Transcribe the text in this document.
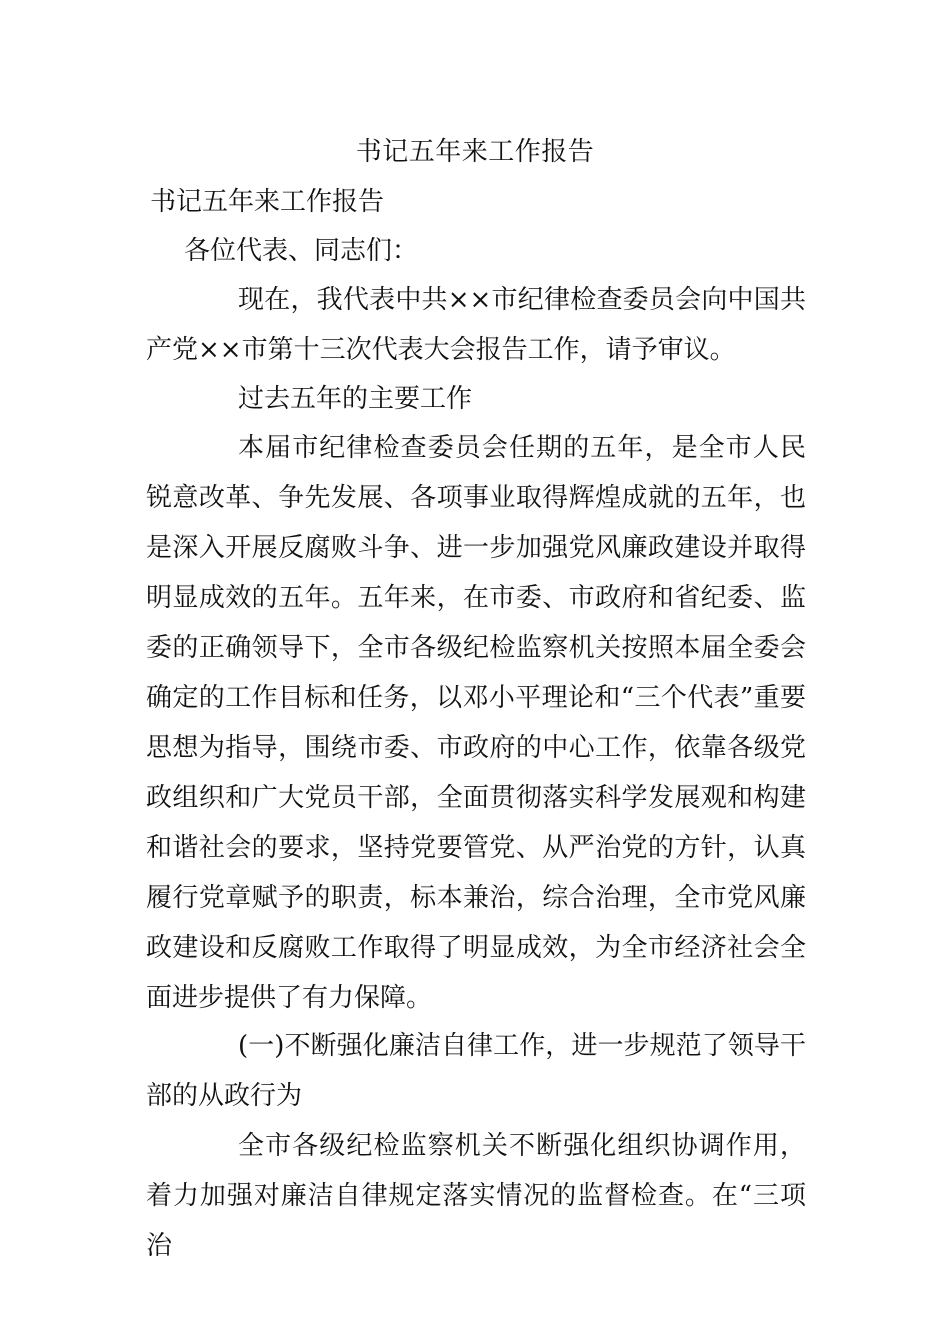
书记五年来工作报告
书记五年来工作报告
各位代表、同志们：
现在，我代表中共××市纪律检查委员会向中国共产党××市第十三次代表大会报告工作，请予审议。
过去五年的主要工作
本届市纪律检查委员会任期的五年，是全市人民锐意改革、争先发展、各项事业取得辉煌成就的五年，也是深入开展反腐败斗争、进一步加强党风廉政建设并取得明显成效的五年。五年来，在市委、市政府和省纪委、监委的正确领导下，全市各级纪检监察机关按照本届全委会确定的工作目标和任务，以邓小平理论和“三个代表”重要思想为指导，围绕市委、市政府的中心工作，依靠各级党政组织和广大党员干部，全面贯彻落实科学发展观和构建和谐社会的要求，坚持党要管党、从严治党的方针，认真履行党章赋予的职责，标本兼治，综合治理，全市党风廉政建设和反腐败工作取得了明显成效，为全市经济社会全面进步提供了有力保障。
(一)不断强化廉洁自律工作，进一步规范了领导干部的从政行为
全市各级纪检监察机关不断强化组织协调作用，着力加强对廉洁自律规定落实情况的监督检查。在“三项治
